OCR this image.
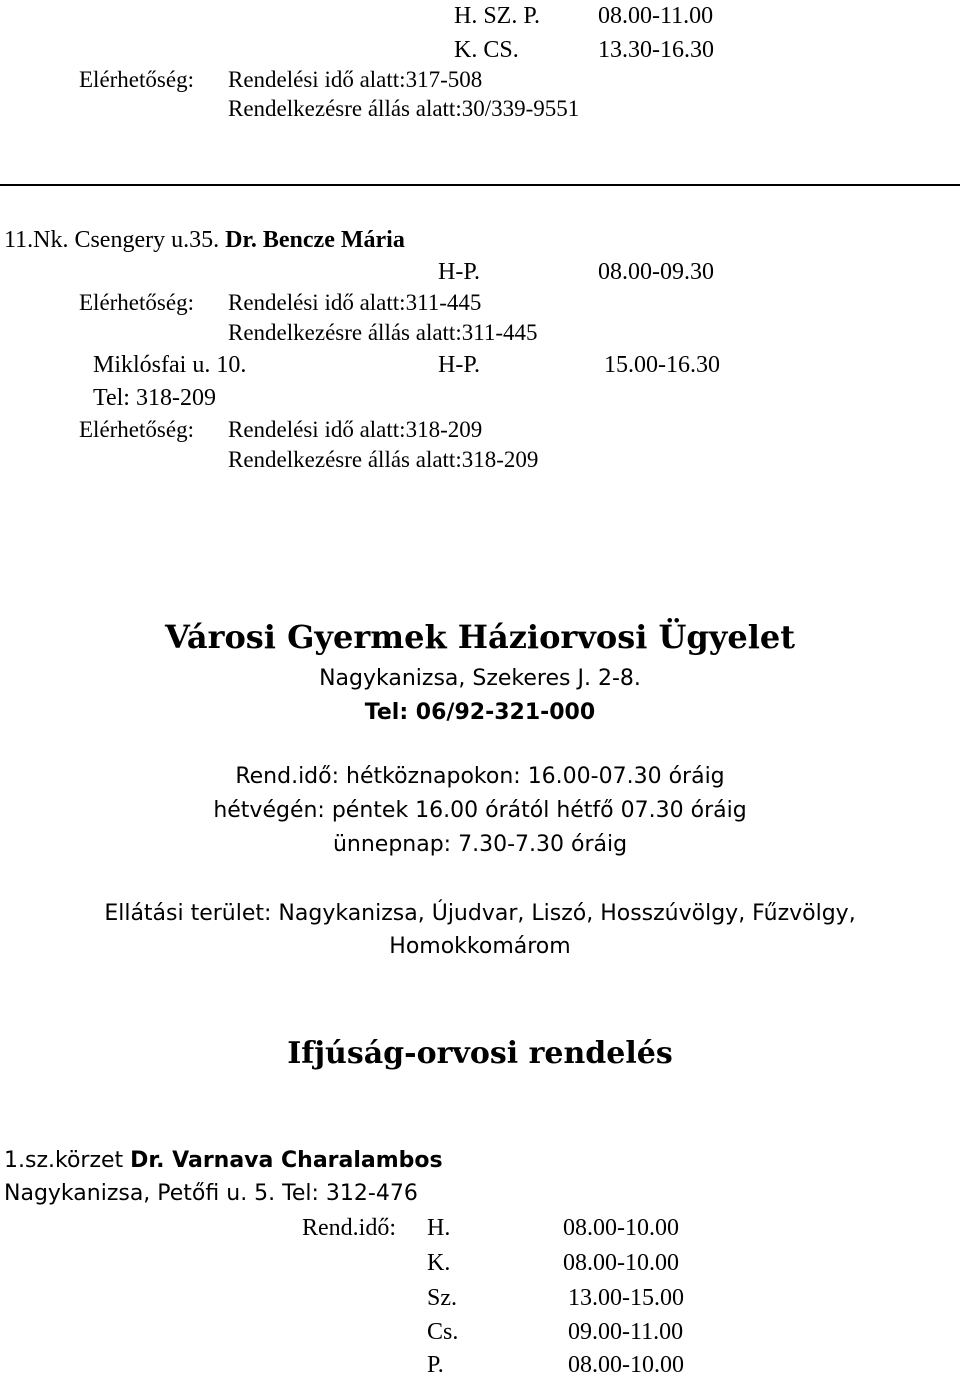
H. SZ. P. 08.00-11.00
K. CS.	13.30-16.30
Elérhetőség: Rendelési idő alatt:317-508
Rendelkezésre állás alatt:30/339-9551
11.Nk. Csengery u.35. Dr. Bencze Mária
H-P.	08.00-09.30
Elérhetőség: Rendelési idő alatt:311-445
Rendelkezésre állás alatt:311-445
Miklósfai u. 10.	H-P.	15.00-16.30
Tel: 318-209
Elérhetőség: Rendelési idő alatt:318-209
Rendelkezésre állás alatt:318-209
Városi Gyermek Háziorvosi Ügyelet
Nagykanizsa, Szekeres J. 2-8.
Tel: 06/92-321-000
Rend.idő: hétköznapokon: 16.00-07.30 óráig
hétvégén: péntek 16.00 órától hétfő 07.30 óráig
ünnepnap: 7.30-7.30 óráig
Ellátási terület: Nagykanizsa, Újudvar, Liszó, Hosszúvölgy, Fűzvölgy,
Homokkomárom
Ifjúság-orvosi rendelés
1.sz.körzet Dr. Varnava Charalambos
Nagykanizsa, Petőfi u. 5. Tel: 312-476
Rend.idő: H.	08.00-10.00
K.	08.00-10.00
Sz.	13.00-15.00
Cs.	09.00-11.00
P.	08.00-10.00
